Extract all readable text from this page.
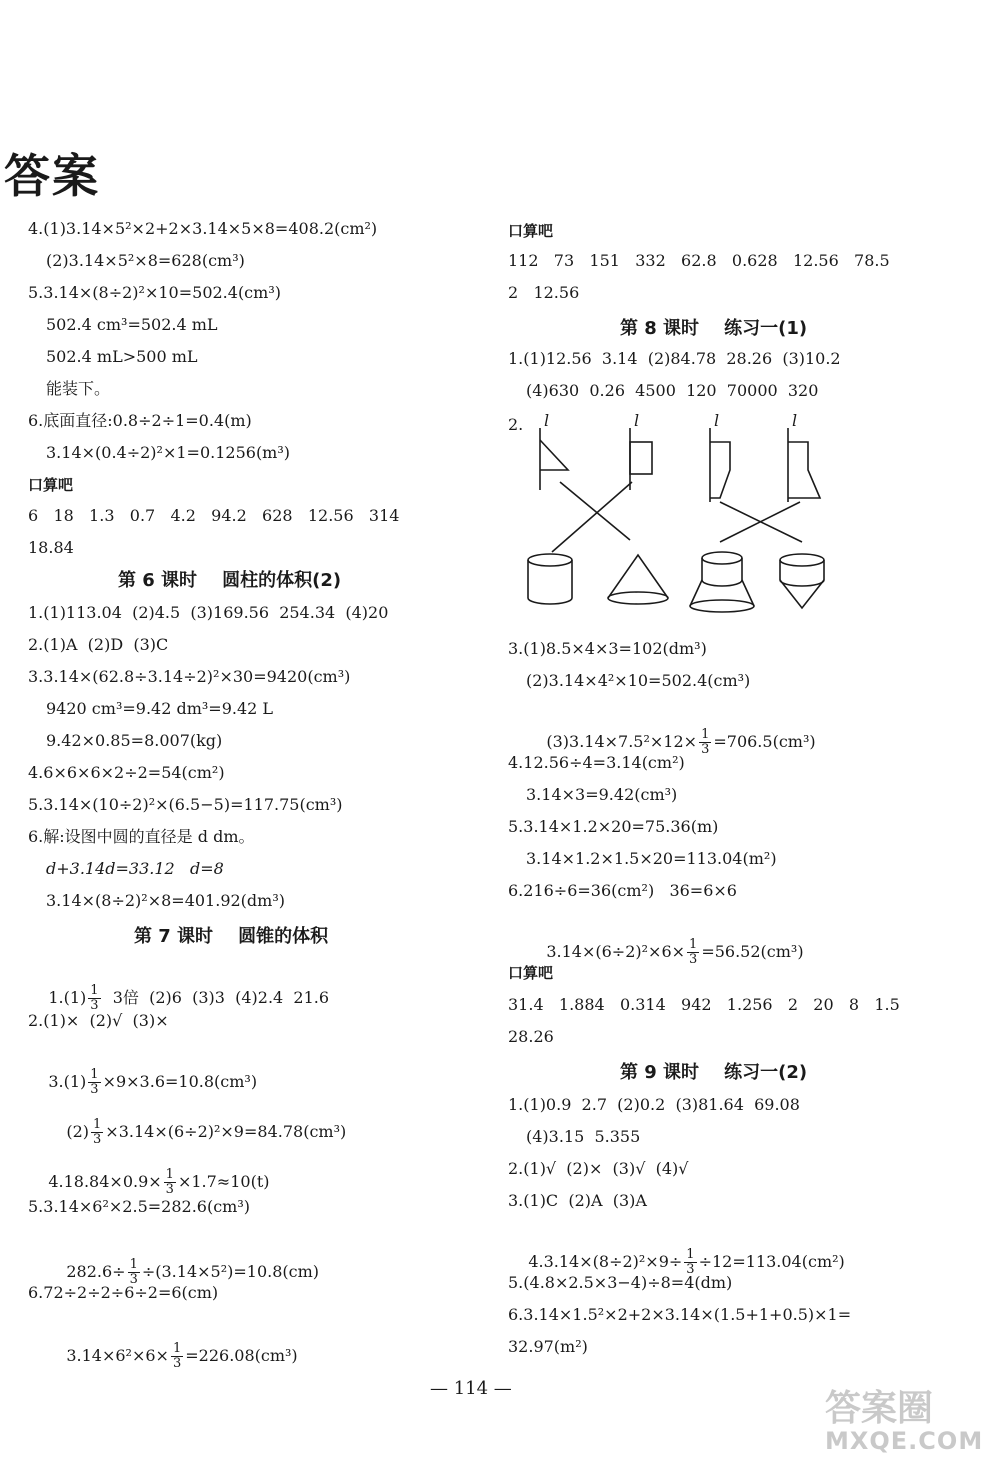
答案
4.(1)3.14×5²×2+2×3.14×5×8=408.2(cm²)
(2)3.14×5²×8=628(cm³)
5.3.14×(8÷2)²×10=502.4(cm³)
502.4 cm³=502.4 mL
502.4 mL>500 mL
能装下。
6.底面直径:0.8÷2÷1=0.4(m)
3.14×(0.4÷2)²×1=0.1256(m³)
口算吧
6   18   1.3   0.7   4.2   94.2   628   12.56   314
18.84
第 6 课时    圆柱的体积(2)
1.(1)113.04  (2)4.5  (3)169.56  254.34  (4)20
2.(1)A  (2)D  (3)C
3.3.14×(62.8÷3.14÷2)²×30=9420(cm³)
9420 cm³=9.42 dm³=9.42 L
9.42×0.85=8.007(kg)
4.6×6×6×2÷2=54(cm²)
5.3.14×(10÷2)²×(6.5−5)=117.75(cm³)
6.解:设图中圆的直径是 d dm。
d+3.14d=33.12   d=8
3.14×(8÷2)²×8=401.92(dm³)
第 7 课时    圆锥的体积

$1.(1) \frac{1}{3} 3$倍  (2)6  (3)3  (4)2.4  21.6

2.(1)×  (2)√  (3)×

$3.(1) \frac{1}{3} \times 9\times 3.6=10.8(cm^3)$

$(2) \frac{1}{3} \times 3.14\times(6\div 2)^2\times 9=84.78(cm^3)$

$4.18.84\times 0.9\times \frac{1}{3} \times 1.7\approx 10(t)$

5.3.14×6²×2.5=282.6(cm³)

$282.6\div \frac{1}{3} \div(3.14\times 5^2)=10.8(cm)$

6.72÷2÷2÷6÷2=6(cm)

$3.14\times 6^2\times 6\times \frac{1}{3} =226.08(cm^3)$

口算吧
112   73   151   332   62.8   0.628   12.56   78.5
2   12.56
第 8 课时    练习一(1)
1.(1)12.56  3.14  (2)84.78  28.26  (3)10.2
(4)630  0.26  4500  120  70000  320
2.
3.(1)8.5×4×3=102(dm³)
(2)3.14×4²×10=502.4(cm³)

$(3)3.14\times 7.5^2\times 12\times \frac{1}{3} =706.5(cm^3)$

4.12.56÷4=3.14(cm²)
3.14×3=9.42(cm³)
5.3.14×1.2×20=75.36(m)
3.14×1.2×1.5×20=113.04(m²)
6.216÷6=36(cm²)   36=6×6

$3.14\times(6\div 2)^2\times 6\times \frac{1}{3} =56.52(cm^3)$

口算吧
31.4   1.884   0.314   942   1.256   2   20   8   1.5
28.26
第 9 课时    练习一(2)
1.(1)0.9  2.7  (2)0.2  (3)81.64  69.08
(4)3.15  5.355
2.(1)√  (2)×  (3)√  (4)√
3.(1)C  (2)A  (3)A

$4.3.14\times(8\div 2)^2\times 9\div \frac{1}{3} \div 12=113.04(cm^2)$

5.(4.8×2.5×3−4)÷8=4(dm)
6.3.14×1.5²×2+2×3.14×(1.5+1+0.5)×1=
32.97(m²)
l	l	l	l
— 114 —	答案圈
MXQE.COM
